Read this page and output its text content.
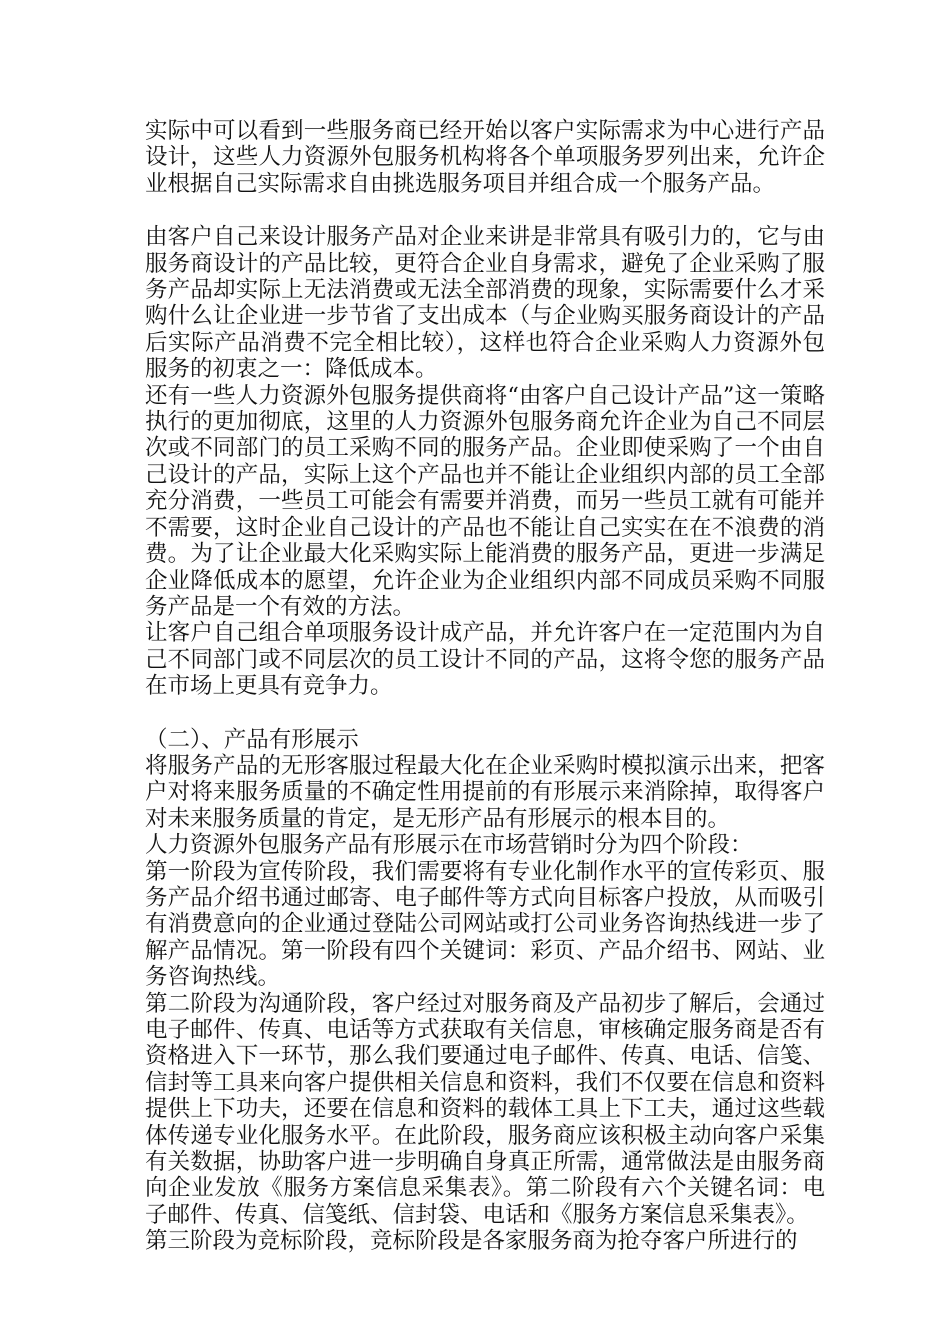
实际中可以看到一些服务商已经开始以客户实际需求为中心进行产品设计，这些人力资源外包服务机构将各个单项服务罗列出来，允许企业根据自己实际需求自由挑选服务项目并组合成一个服务产品。

由客户自己来设计服务产品对企业来讲是非常具有吸引力的，它与由服务商设计的产品比较，更符合企业自身需求，避免了企业采购了服务产品却实际上无法消费或无法全部消费的现象，实际需要什么才采购什么让企业进一步节省了支出成本（与企业购买服务商设计的产品后实际产品消费不完全相比较），这样也符合企业采购人力资源外包服务的初衷之一：降低成本。

还有一些人力资源外包服务提供商将“由客户自己设计产品”这一策略执行的更加彻底，这里的人力资源外包服务商允许企业为自己不同层次或不同部门的员工采购不同的服务产品。企业即使采购了一个由自己设计的产品，实际上这个产品也并不能让企业组织内部的员工全部充分消费，一些员工可能会有需要并消费，而另一些员工就有可能并不需要，这时企业自己设计的产品也不能让自己实实在在不浪费的消费。为了让企业最大化采购实际上能消费的服务产品，更进一步满足企业降低成本的愿望，允许企业为企业组织内部不同成员采购不同服务产品是一个有效的方法。

让客户自己组合单项服务设计成产品，并允许客户在一定范围内为自己不同部门或不同层次的员工设计不同的产品，这将令您的服务产品在市场上更具有竞争力。

（二）、产品有形展示

将服务产品的无形客服过程最大化在企业采购时模拟演示出来，把客户对将来服务质量的不确定性用提前的有形展示来消除掉，取得客户对未来服务质量的肯定，是无形产品有形展示的根本目的。

人力资源外包服务产品有形展示在市场营销时分为四个阶段：

第一阶段为宣传阶段，我们需要将有专业化制作水平的宣传彩页、服务产品介绍书通过邮寄、电子邮件等方式向目标客户投放，从而吸引有消费意向的企业通过登陆公司网站或打公司业务咨询热线进一步了解产品情况。第一阶段有四个关键词：彩页、产品介绍书、网站、业务咨询热线。

第二阶段为沟通阶段，客户经过对服务商及产品初步了解后，会通过电子邮件、传真、电话等方式获取有关信息，审核确定服务商是否有资格进入下一环节，那么我们要通过电子邮件、传真、电话、信笺、信封等工具来向客户提供相关信息和资料，我们不仅要在信息和资料提供上下功夫，还要在信息和资料的载体工具上下工夫，通过这些载体传递专业化服务水平。在此阶段，服务商应该积极主动向客户采集有关数据，协助客户进一步明确自身真正所需，通常做法是由服务商向企业发放《服务方案信息采集表》。第二阶段有六个关键名词：电子邮件、传真、信笺纸、信封袋、电话和《服务方案信息采集表》。

第三阶段为竞标阶段，竞标阶段是各家服务商为抢夺客户所进行的
